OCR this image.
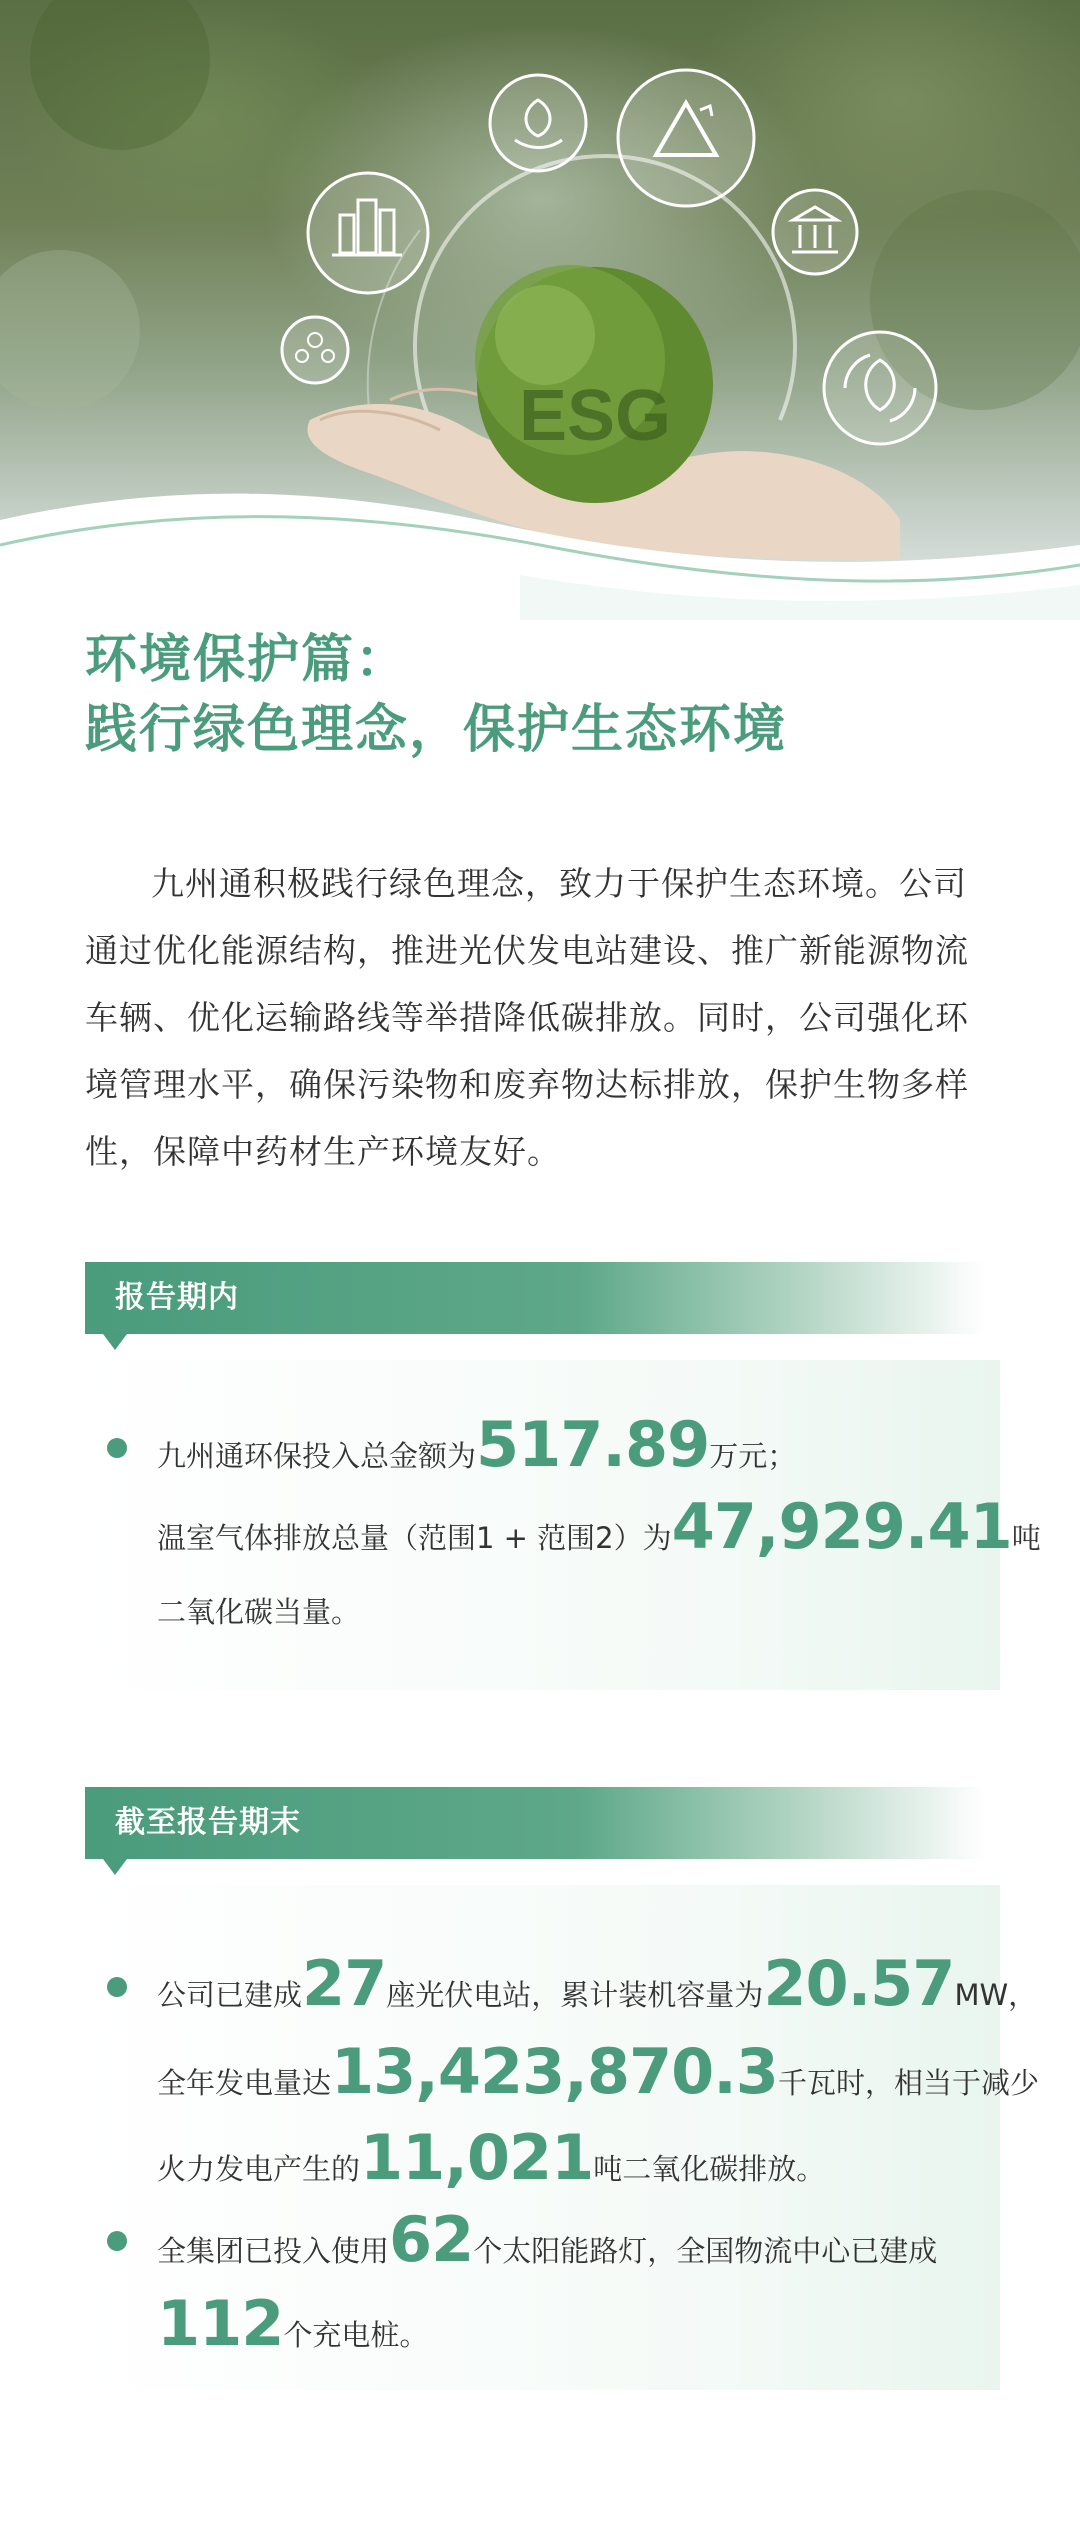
ESG

环境保护篇：

践行绿色理念，保护生态环境

九州通积极践行绿色理念，致力于保护生态环境。公司通过优化能源结构，推进光伏发电站建设、推广新能源物流车辆、优化运输路线等举措降低碳排放。同时，公司强化环境管理水平，确保污染物和废弃物达标排放，保护生物多样性，保障中药材生产环境友好。

报告期内
九州通环保投入总金额为517.89万元；
温室气体排放总量（范围1 + 范围2）为47,929.41吨
二氧化碳当量。
截至报告期末
公司已建成27座光伏电站，累计装机容量为20.57MW，
全年发电量达13,423,870.3千瓦时，相当于减少
火力发电产生的11,021吨二氧化碳排放。
全集团已投入使用62个太阳能路灯，全国物流中心已建成
112个充电桩。
